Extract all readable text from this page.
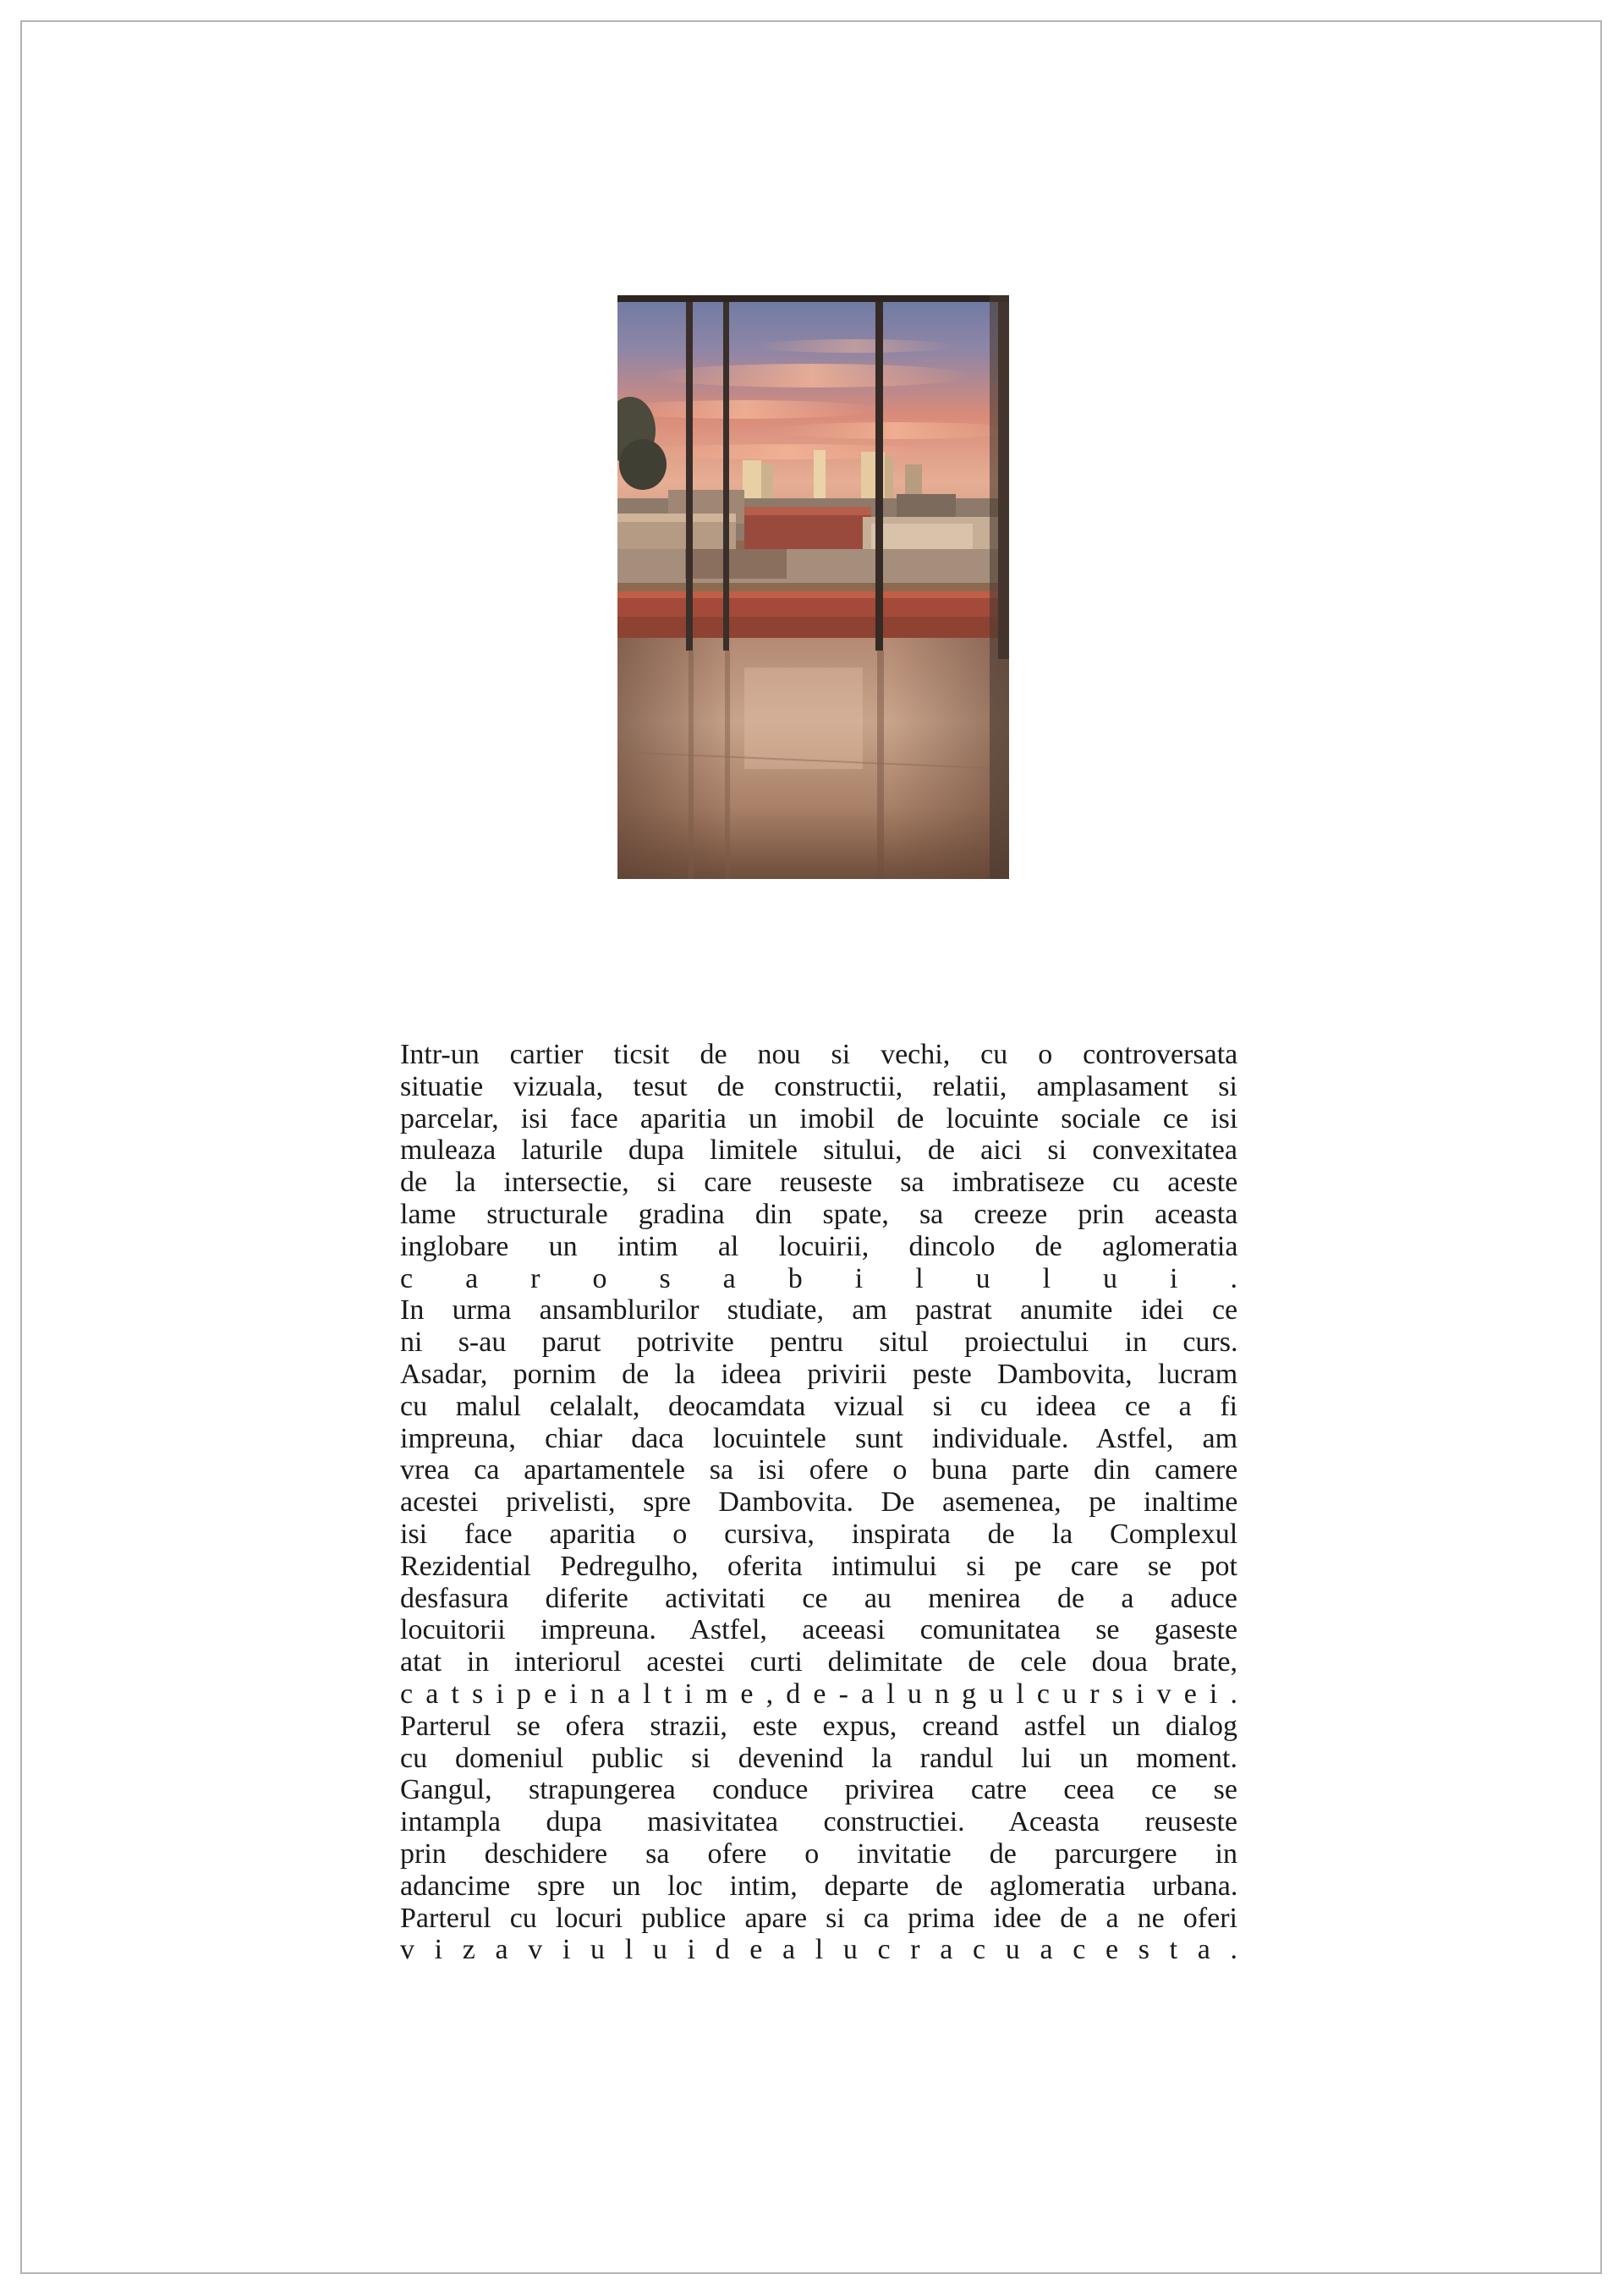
Intr-un cartier ticsit de nou si vechi, cu o controversata
situatie vizuala, tesut de constructii, relatii, amplasament si
parcelar, isi face aparitia un imobil de locuinte sociale ce isi
muleaza laturile dupa limitele sitului, de aici si convexitatea
de la intersectie, si care reuseste sa imbratiseze cu aceste
lame structurale gradina din spate, sa creeze prin aceasta
inglobare un intim al locuirii, dincolo de aglomeratia
c a r o s a b i l u l u i .
In urma ansamblurilor studiate, am pastrat anumite idei ce
ni s-au parut potrivite pentru situl proiectului in curs.
Asadar, pornim de la ideea privirii peste Dambovita, lucram
cu malul celalalt, deocamdata vizual si cu ideea ce a fi
impreuna, chiar daca locuintele sunt individuale. Astfel, am
vrea ca apartamentele sa isi ofere o buna parte din camere
acestei privelisti, spre Dambovita. De asemenea, pe inaltime
isi face aparitia o cursiva, inspirata de la Complexul
Rezidential Pedregulho, oferita intimului si pe care se pot
desfasura diferite activitati ce au menirea de a aduce
locuitorii impreuna. Astfel, aceeasi comunitatea se gaseste
atat in interiorul acestei curti delimitate de cele doua brate,
c a t s i p e i n a l t i m e , d e - a l u n g u l c u r s i v e i .
Parterul se ofera strazii, este expus, creand astfel un dialog
cu domeniul public si devenind la randul lui un moment.
Gangul, strapungerea conduce privirea catre ceea ce se
intampla dupa masivitatea constructiei. Aceasta reuseste
prin deschidere sa ofere o invitatie de parcurgere in
adancime spre un loc intim, departe de aglomeratia urbana.
Parterul cu locuri publice apare si ca prima idee de a ne oferi
v i z a v i u l u i d e a l u c r a c u a c e s t a .
